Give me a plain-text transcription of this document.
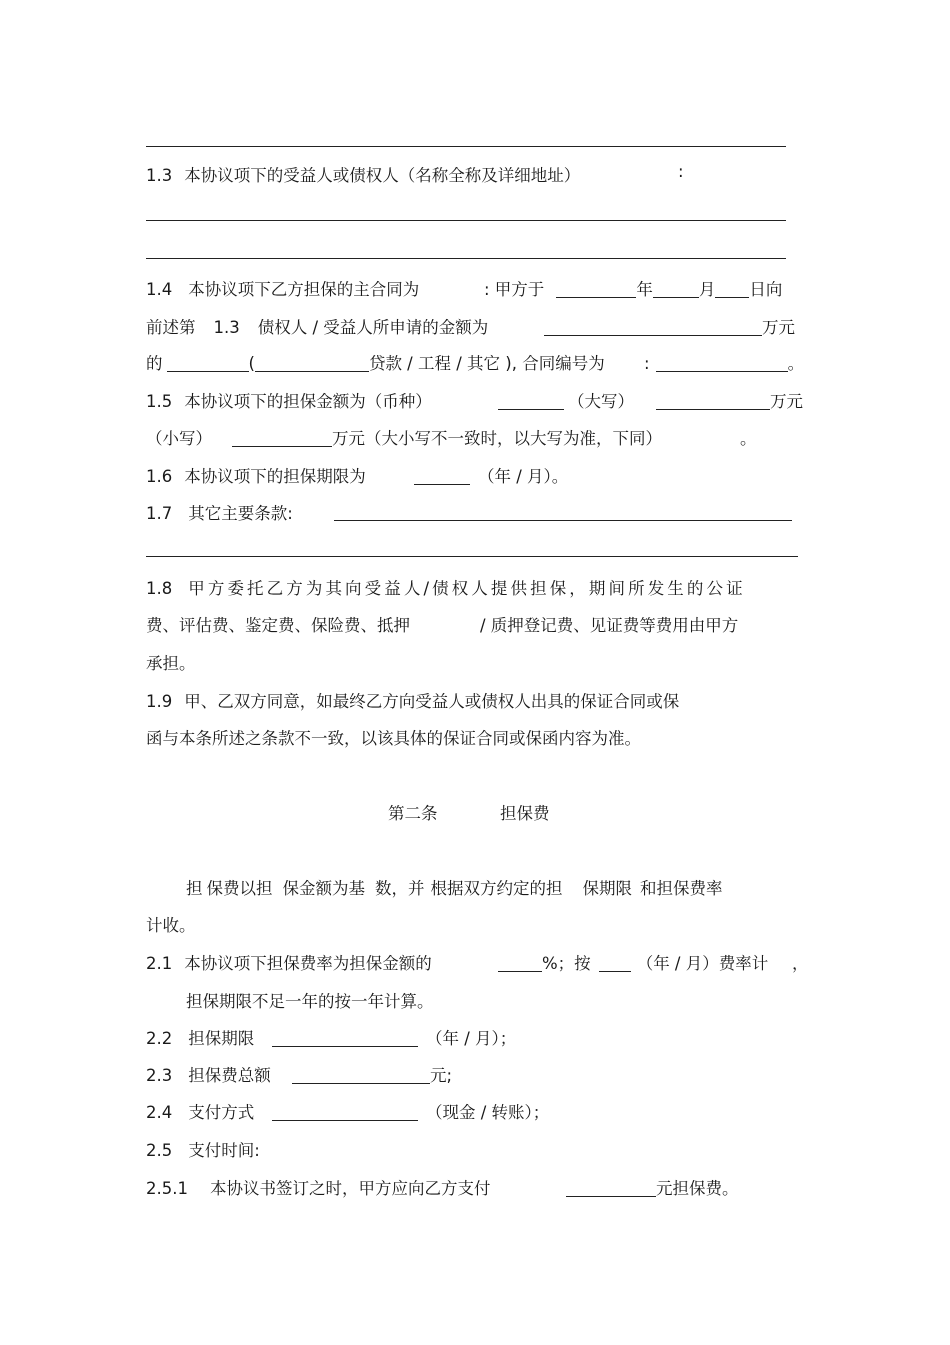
1.3 本协议项下的受益人或债权人（名称全称及详细地址）	:
1.4 本协议项下乙方担保的主合同为	: 甲方于	年	月 日向
前述第 1.3 债权人 / 受益人所申请的金额为	万元
的	(	贷款 / 工程 / 其它 ), 合同编号为 :	。
1.5 本协议项下的担保金额为（币种）	（大写）	万元
（小写）	万元（大小写不一致时，以大写为准，下同）	。
1.6 本协议项下的担保期限为	（年 / 月）。
1.7 其它主要条款:
1.8 甲方委托乙方为其向受益人/债权人提供担保，期间所发生的公证
费、评估费、鉴定费、保险费、抵押	/ 质押登记费、见证费等费用由甲方
承担。
1.9 甲、乙双方同意，如最终乙方向受益人或债权人出具的保证合同或保
函与本条所述之条款不一致，以该具体的保证合同或保函内容为准。
第二条	担保费
担 保费以担 保金额为基 数，并 根据双方约定的担 保期限 和担保费率
计收。
2.1 本协议项下担保费率为担保金额的	%；按	（年 / 月）费率计 ，
担保期限不足一年的按一年计算。
2.2 担保期限	（年 / 月）；
2.3 担保费总额	元;
2.4 支付方式	（现金 / 转账）；
2.5 支付时间:
2.5.1 本协议书签订之时，甲方应向乙方支付	元担保费。
